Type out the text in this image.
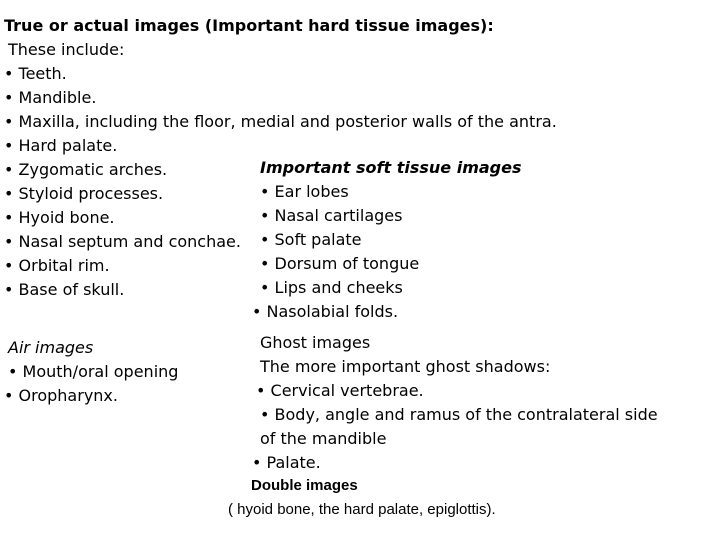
True or actual images (Important hard tissue images):
These include:
• Teeth.
• Mandible.
• Maxilla, including the floor, medial and posterior walls of the antra.
• Hard palate.
• Zygomatic arches.
• Styloid processes.
• Hyoid bone.
• Nasal septum and conchae.
• Orbital rim.
• Base of skull.
Important soft tissue images
• Ear lobes
• Nasal cartilages
• Soft palate
• Dorsum of tongue
• Lips and cheeks
• Nasolabial folds.
Air images
• Mouth/oral opening
• Oropharynx.
Ghost images
The more important ghost shadows:
• Cervical vertebrae.
• Body, angle and ramus of the contralateral side
of the mandible
• Palate.
Double images
( hyoid bone, the hard palate, epiglottis).
